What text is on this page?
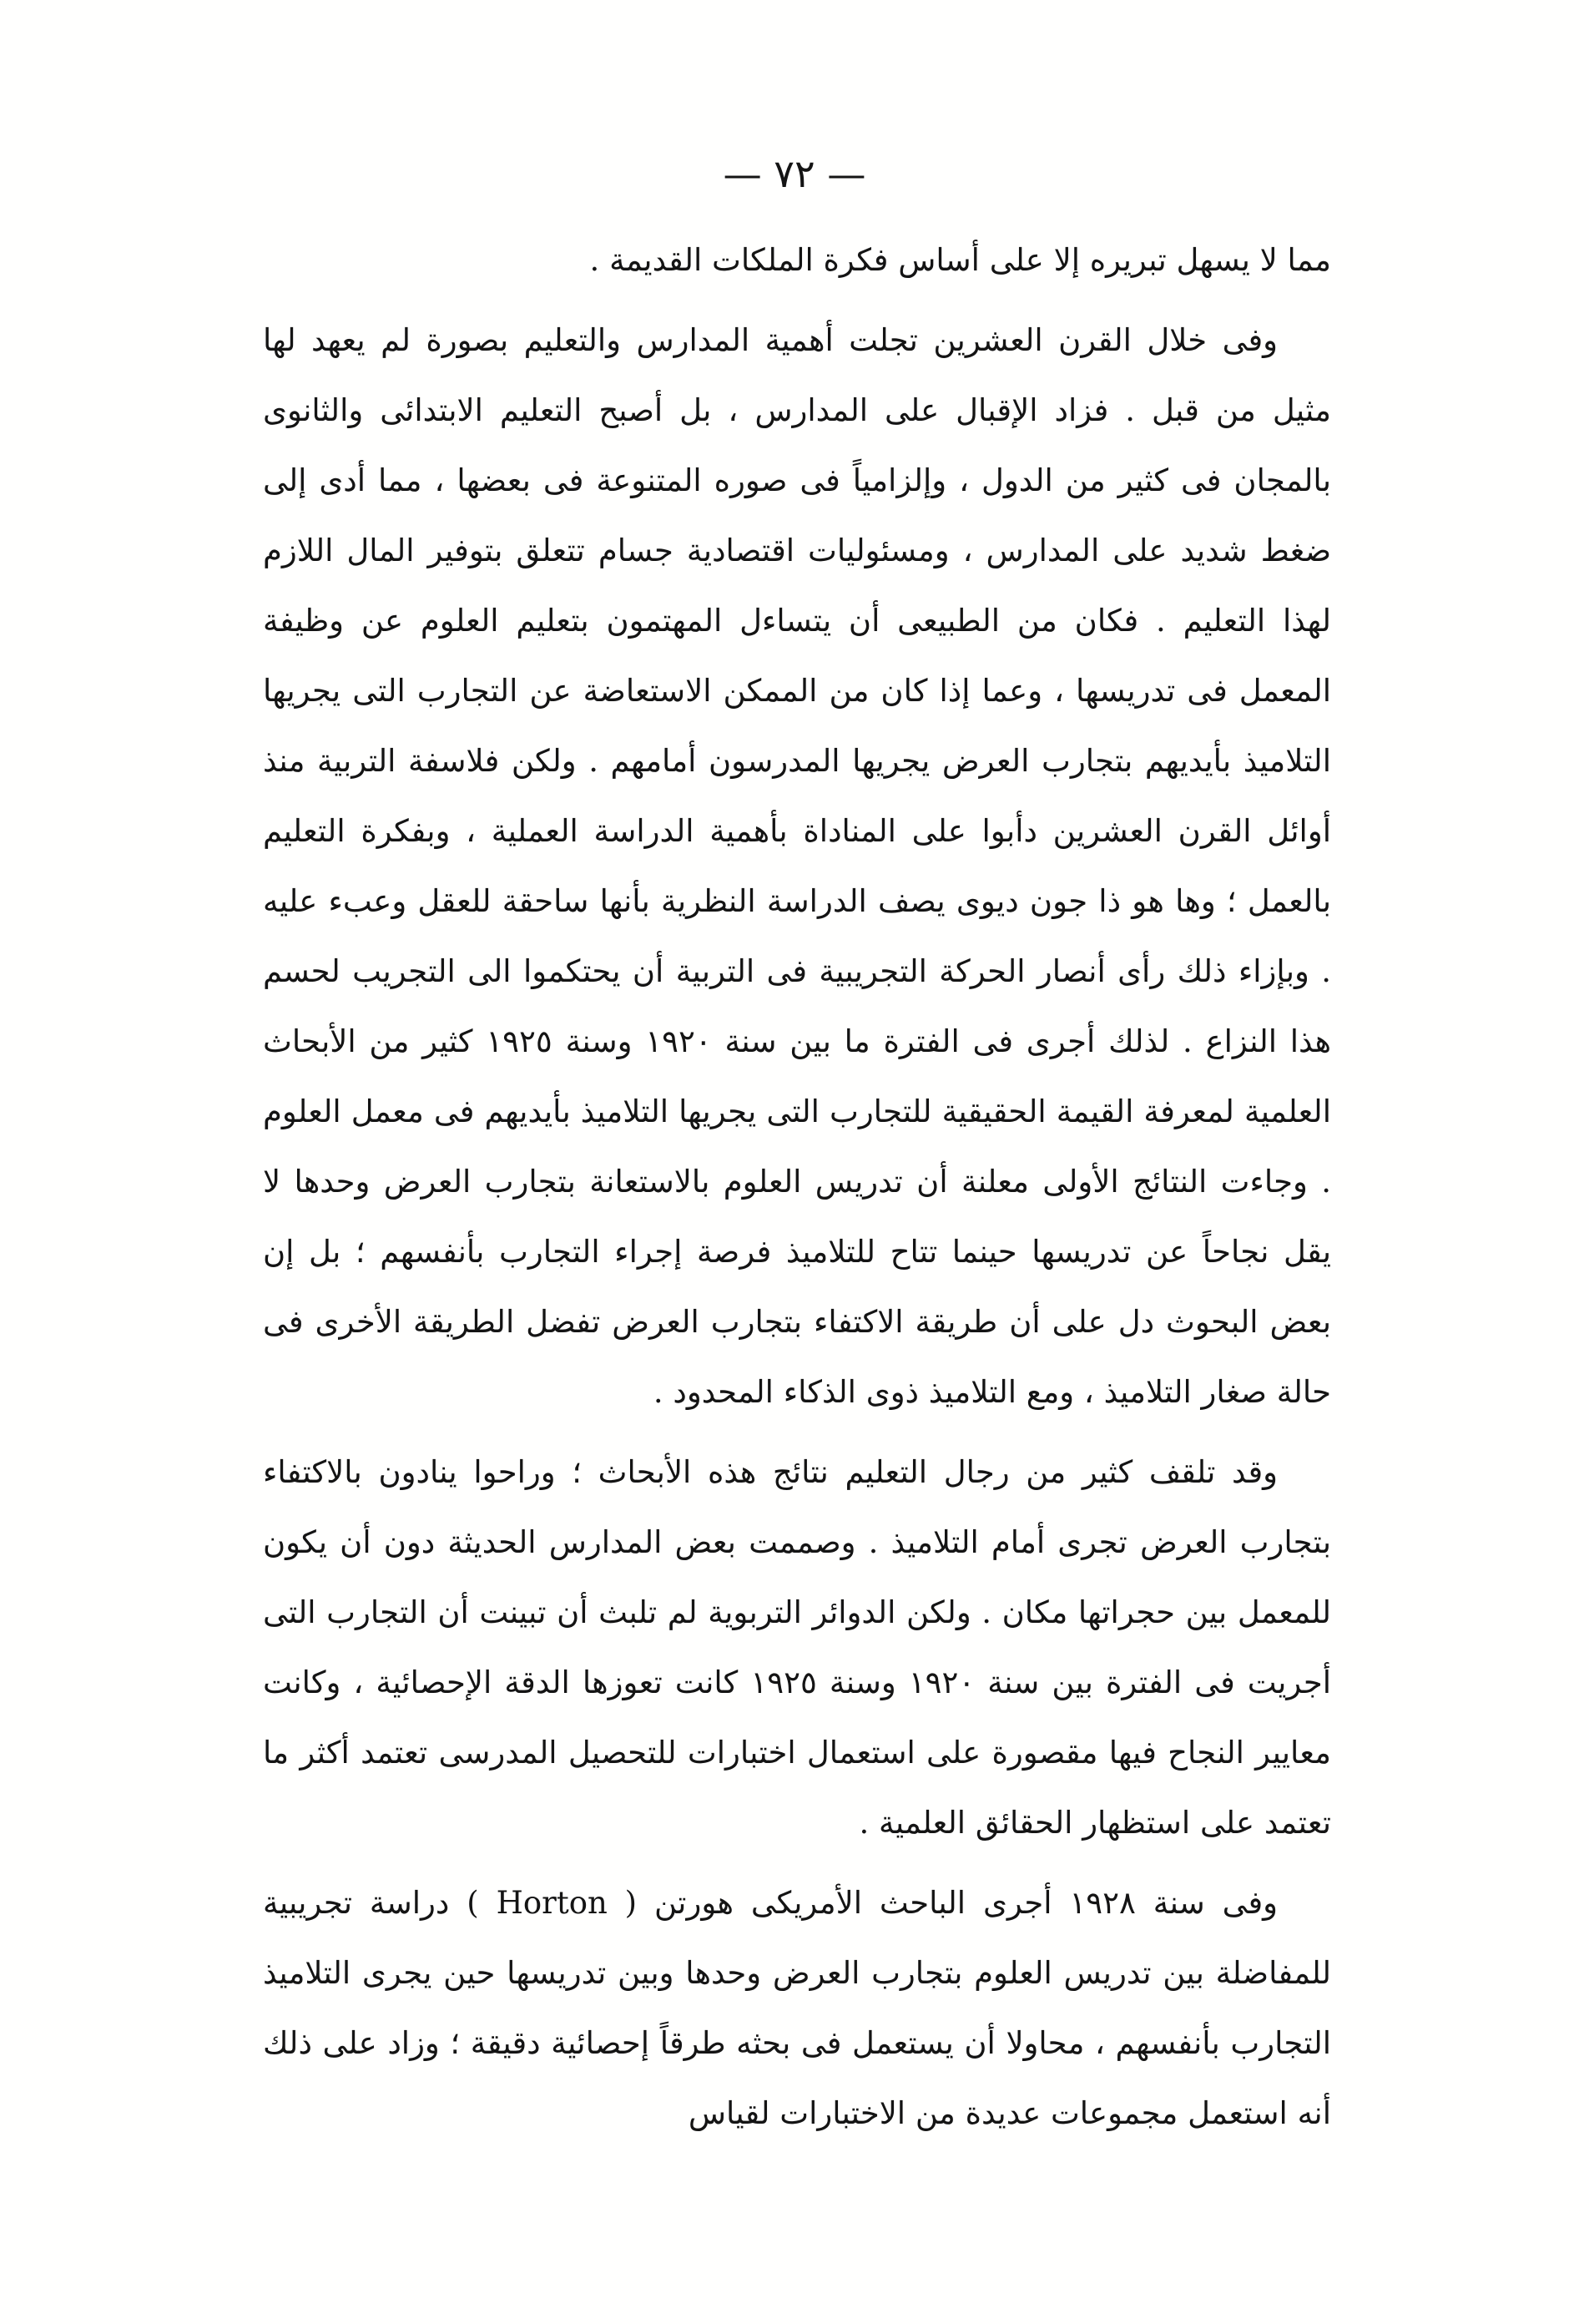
— ٧٢ —

مما لا يسهل تبريره إلا على أساس فكرة الملكات القديمة .

وفى خلال القرن العشرين تجلت أهمية المدارس والتعليم بصورة لم يعهد لها مثيل من قبل . فزاد الإقبال على المدارس ، بل أصبح التعليم الابتدائى والثانوى بالمجان فى كثير من الدول ، وإلزامياً فى صوره المتنوعة فى بعضها ، مما أدى إلى ضغط شديد على المدارس ، ومسئوليات اقتصادية جسام تتعلق بتوفير المال اللازم لهذا التعليم . فكان من الطبيعى أن يتساءل المهتمون بتعليم العلوم عن وظيفة المعمل فى تدريسها ، وعما إذا كان من الممكن الاستعاضة عن التجارب التى يجريها التلاميذ بأيديهم بتجارب العرض يجريها المدرسون أمامهم . ولكن فلاسفة التربية منذ أوائل القرن العشرين دأبوا على المناداة بأهمية الدراسة العملية ، وبفكرة التعليم بالعمل ؛ وها هو ذا جون ديوى يصف الدراسة النظرية بأنها ساحقة للعقل وعبء عليه . وبإزاء ذلك رأى أنصار الحركة التجريبية فى التربية أن يحتكموا الى التجريب لحسم هذا النزاع . لذلك أجرى فى الفترة ما بين سنة ١٩٢٠ وسنة ١٩٢٥ كثير من الأبحاث العلمية لمعرفة القيمة الحقيقية للتجارب التى يجريها التلاميذ بأيديهم فى معمل العلوم . وجاءت النتائج الأولى معلنة أن تدريس العلوم بالاستعانة بتجارب العرض وحدها لا يقل نجاحاً عن تدريسها حينما تتاح للتلاميذ فرصة إجراء التجارب بأنفسهم ؛ بل إن بعض البحوث دل على أن طريقة الاكتفاء بتجارب العرض تفضل الطريقة الأخرى فى حالة صغار التلاميذ ، ومع التلاميذ ذوى الذكاء المحدود .

وقد تلقف كثير من رجال التعليم نتائج هذه الأبحاث ؛ وراحوا ينادون بالاكتفاء بتجارب العرض تجرى أمام التلاميذ . وصممت بعض المدارس الحديثة دون أن يكون للمعمل بين حجراتها مكان . ولكن الدوائر التربوية لم تلبث أن تبينت أن التجارب التى أجريت فى الفترة بين سنة ١٩٢٠ وسنة ١٩٢٥ كانت تعوزها الدقة الإحصائية ، وكانت معايير النجاح فيها مقصورة على استعمال اختبارات للتحصيل المدرسى تعتمد أكثر ما تعتمد على استظهار الحقائق العلمية .

وفى سنة ١٩٢٨ أجرى الباحث الأمريكى هورتن ( Horton ) دراسة تجريبية للمفاضلة بين تدريس العلوم بتجارب العرض وحدها وبين تدريسها حين يجرى التلاميذ التجارب بأنفسهم ، محاولا أن يستعمل فى بحثه طرقاً إحصائية دقيقة ؛ وزاد على ذلك أنه استعمل مجموعات عديدة من الاختبارات لقياس
